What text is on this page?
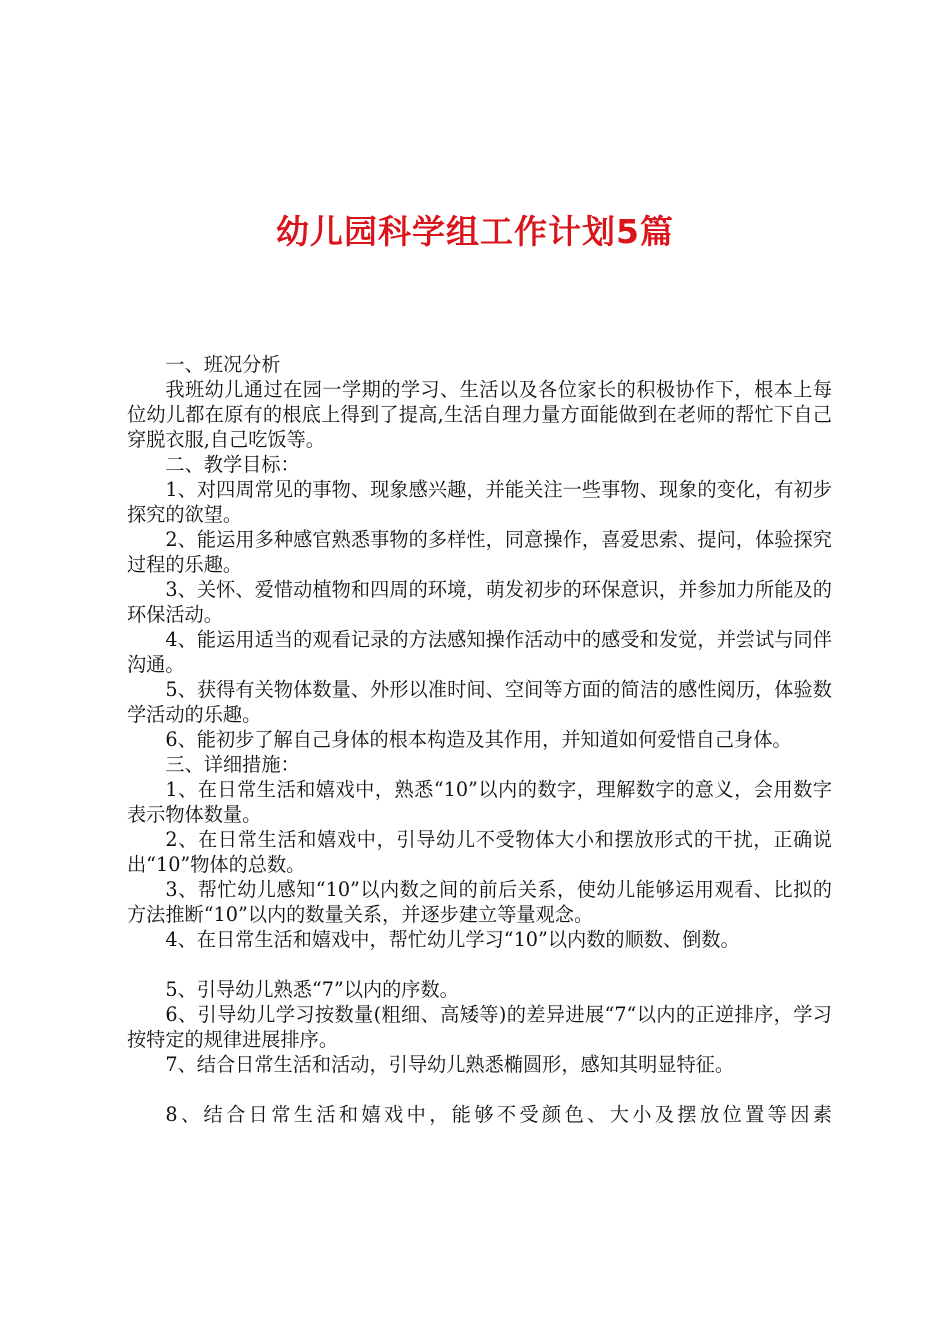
幼儿园科学组工作计划5篇

一、班况分析

我班幼儿通过在园一学期的学习、生活以及各位家长的积极协作下，根本上每位幼儿都在原有的根底上得到了提高,生活自理力量方面能做到在老师的帮忙下自己穿脱衣服,自己吃饭等。

二、教学目标：

1、对四周常见的事物、现象感兴趣，并能关注一些事物、现象的变化，有初步探究的欲望。

2、能运用多种感官熟悉事物的多样性，同意操作，喜爱思索、提问，体验探究过程的乐趣。

3、关怀、爱惜动植物和四周的环境，萌发初步的环保意识，并参加力所能及的环保活动。

4、能运用适当的观看记录的方法感知操作活动中的感受和发觉，并尝试与同伴沟通。

5、获得有关物体数量、外形以准时间、空间等方面的简洁的感性阅历，体验数学活动的乐趣。

6、能初步了解自己身体的根本构造及其作用，并知道如何爱惜自己身体。

三、详细措施：

1、在日常生活和嬉戏中，熟悉“10”以内的数字，理解数字的意义，会用数字表示物体数量。

2、在日常生活和嬉戏中，引导幼儿不受物体大小和摆放形式的干扰，正确说出“10”物体的总数。

3、帮忙幼儿感知“10”以内数之间的前后关系，使幼儿能够运用观看、比拟的方法推断“10”以内的数量关系，并逐步建立等量观念。

4、在日常生活和嬉戏中，帮忙幼儿学习“10”以内数的顺数、倒数。

5、引导幼儿熟悉“7”以内的序数。

6、引导幼儿学习按数量(粗细、高矮等)的差异进展“7“以内的正逆排序，学习按特定的规律进展排序。

7、结合日常生活和活动，引导幼儿熟悉椭圆形，感知其明显特征。

8、结合日常生活和嬉戏中，能够不受颜色、大小及摆放位置等因素
